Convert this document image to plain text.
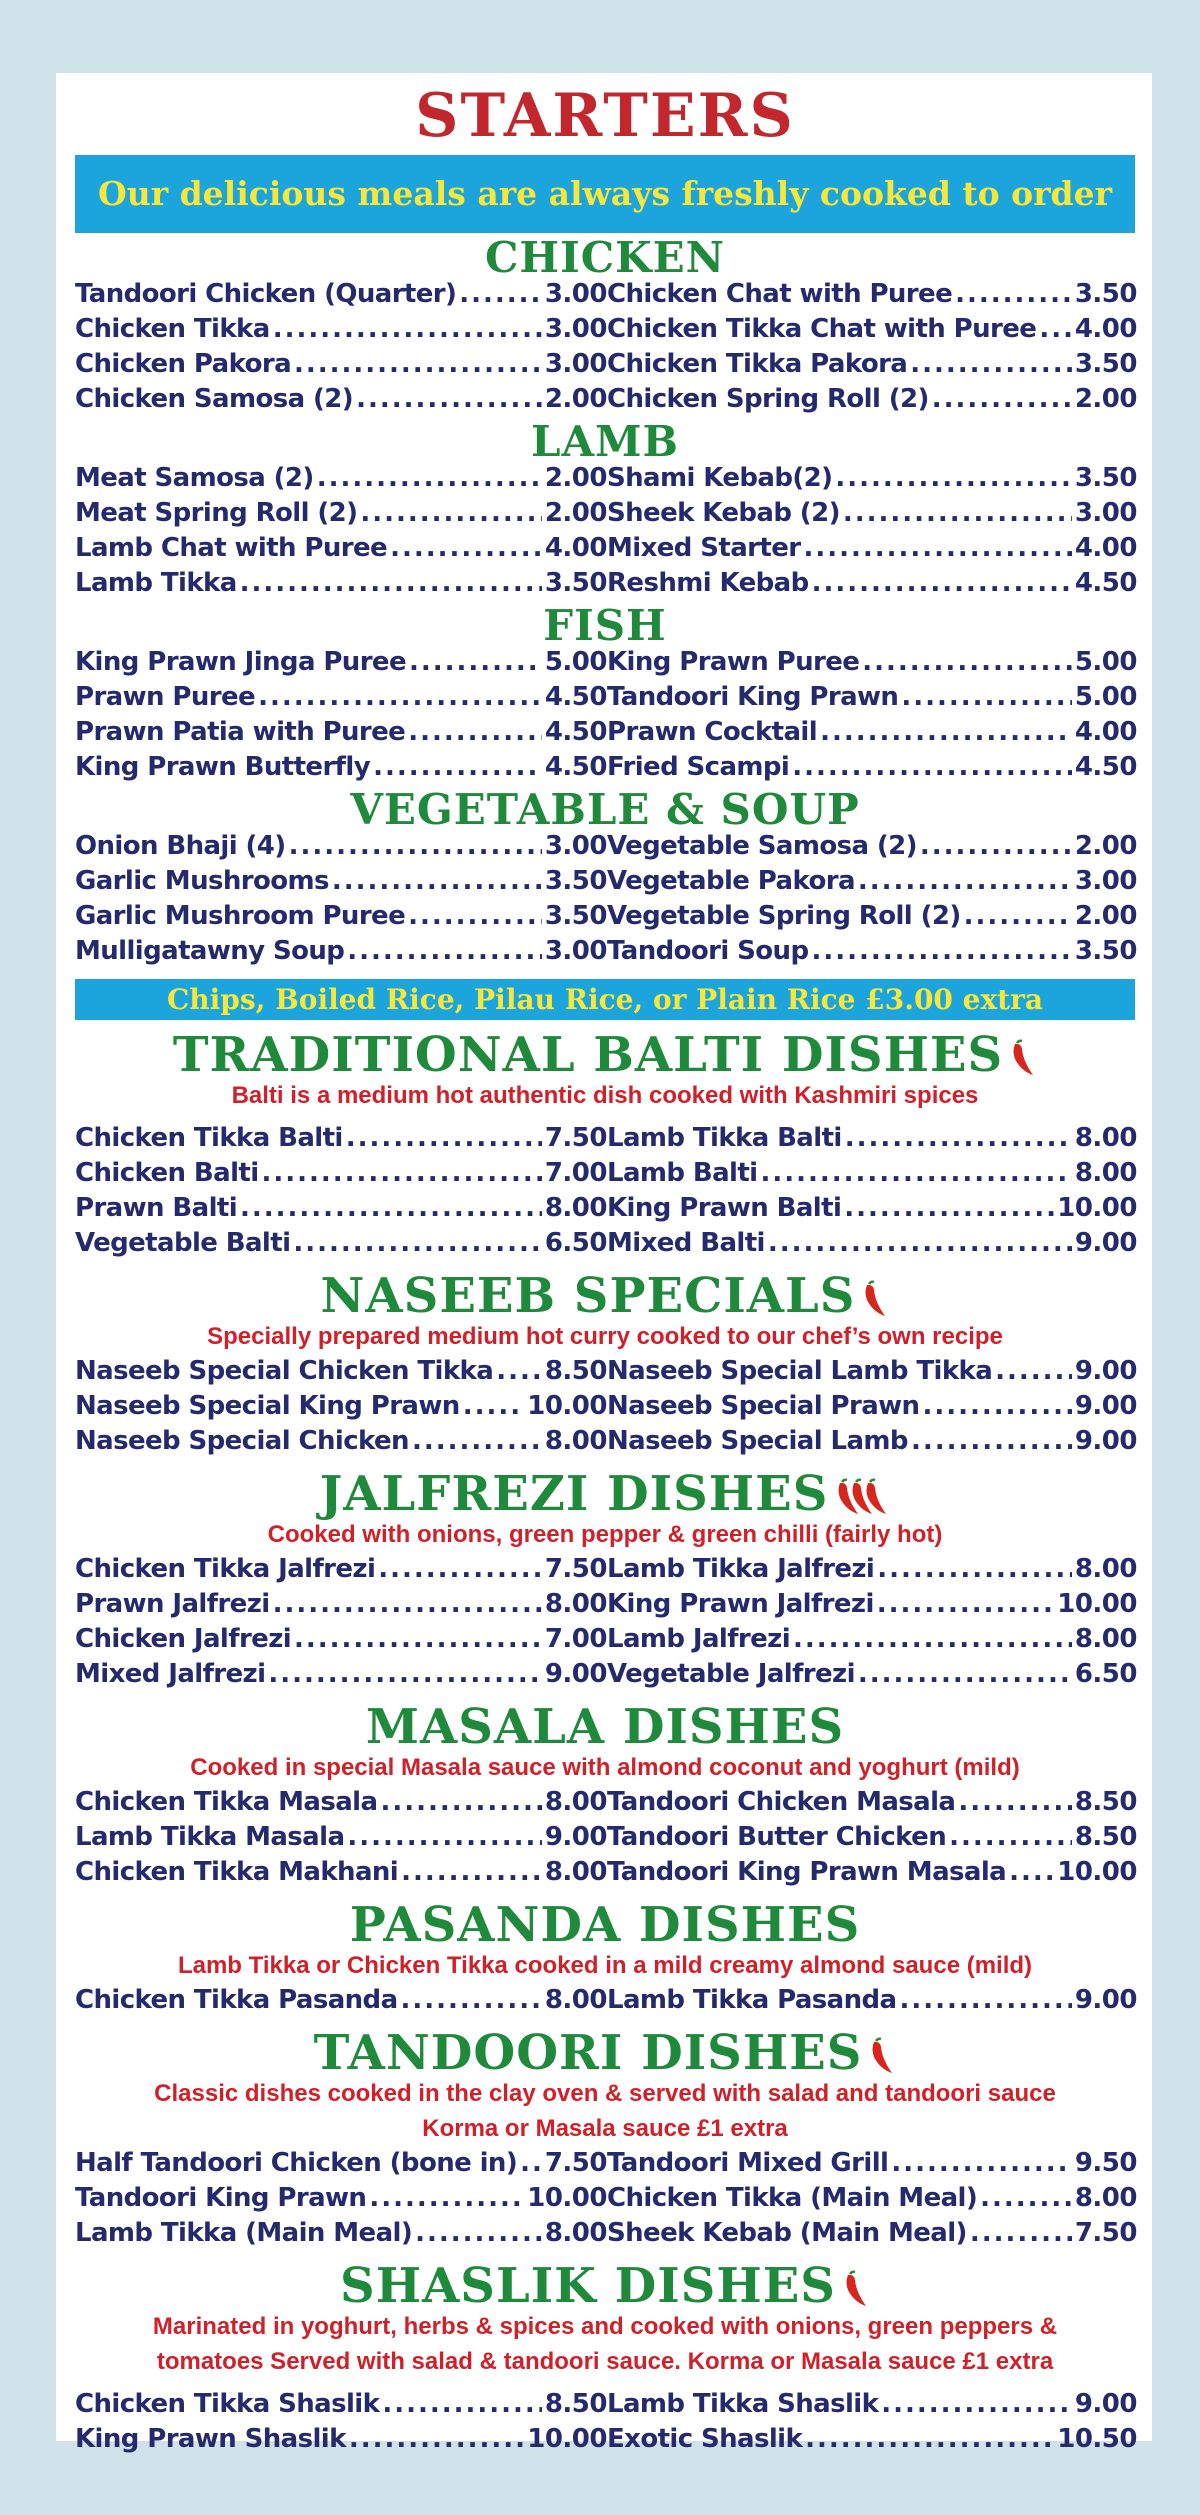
STARTERS
Our delicious meals are always freshly cooked to order
CHICKEN
Tandoori Chicken (Quarter) .....	3.00
Chicken Tikka .....	3.00
Chicken Pakora .....	3.00
Chicken Samosa (2) .....	2.00
Chicken Chat with Puree .....	3.50
Chicken Tikka Chat with Puree ..... 4.00
Chicken Tikka Pakora .....	3.50
Chicken Spring Roll (2) .....	2.00
LAMB
Meat Samosa (2) .....	2.00
Meat Spring Roll (2) .....	2.00
Lamb Chat with Puree .....	4.00
Lamb Tikka .....	3.50
Shami Kebab(2) .....	3.50
Sheek Kebab (2) .....	3.00
Mixed Starter .....	4.00
Reshmi Kebab .....	4.50
FISH
King Prawn Jinga Puree .....	5.00
Prawn Puree .....	4.50
Prawn Patia with Puree .....	4.50
King Prawn Butterfly .....	4.50
King Prawn Puree .....	5.00
Tandoori King Prawn .....	5.00
Prawn Cocktail .....	4.00
Fried Scampi .....	4.50
VEGETABLE & SOUP
Onion Bhaji (4) .....	3.00
Garlic Mushrooms .....	3.50
Garlic Mushroom Puree .....	3.50
Mulligatawny Soup .....	3.00
Vegetable Samosa (2) .....	2.00
Vegetable Pakora .....	3.00
Vegetable Spring Roll (2) .....	2.00
Tandoori Soup .....	3.50
Chips, Boiled Rice, Pilau Rice, or Plain Rice £3.00 extra
TRADITIONAL BALTI DISHES
Balti is a medium hot authentic dish cooked with Kashmiri spices
Chicken Tikka Balti .....	7.50
Chicken Balti .....	7.00
Prawn Balti .....	8.00
Vegetable Balti .....	6.50
Lamb Tikka Balti .....	8.00
Lamb Balti .....	8.00
King Prawn Balti .....	10.00
Mixed Balti .....	9.00
NASEEB SPECIALS
Specially prepared medium hot curry cooked to our chef’s own recipe
Naseeb Special Chicken Tikka ..... 8.50
Naseeb Special King Prawn .....	10.00
Naseeb Special Chicken .....	8.00
Naseeb Special Lamb Tikka .....	9.00
Naseeb Special Prawn .....	9.00
Naseeb Special Lamb .....	9.00
JALFREZI DISHES
Cooked with onions, green pepper & green chilli (fairly hot)
Chicken Tikka Jalfrezi .....	7.50
Prawn Jalfrezi .....	8.00
Chicken Jalfrezi .....	7.00
Mixed Jalfrezi .....	9.00
Lamb Tikka Jalfrezi .....	8.00
King Prawn Jalfrezi .....	10.00
Lamb Jalfrezi .....	8.00
Vegetable Jalfrezi .....	6.50
MASALA DISHES
Cooked in special Masala sauce with almond coconut and yoghurt (mild)
Chicken Tikka Masala .....	8.00
Lamb Tikka Masala .....	9.00
Chicken Tikka Makhani .....	8.00
Tandoori Chicken Masala .....	8.50
Tandoori Butter Chicken .....	8.50
Tandoori King Prawn Masala ..... 10.00
PASANDA DISHES
Lamb Tikka or Chicken Tikka cooked in a mild creamy almond sauce (mild)
Chicken Tikka Pasanda .....	8.00 Lamb Tikka Pasanda .....	9.00
TANDOORI DISHES
Classic dishes cooked in the clay oven & served with salad and tandoori sauce
Korma or Masala sauce £1 extra
Half Tandoori Chicken (bone in) ..... 7.50
Tandoori King Prawn .....	10.00
Lamb Tikka (Main Meal) .....	8.00
Tandoori Mixed Grill .....	9.50
Chicken Tikka (Main Meal) .....	8.00
Sheek Kebab (Main Meal) .....	7.50
SHASLIK DISHES
Marinated in yoghurt, herbs & spices and cooked with onions, green peppers &
tomatoes Served with salad & tandoori sauce. Korma or Masala sauce £1 extra
Chicken Tikka Shaslik .....	8.50
King Prawn Shaslik .....	10.00
Lamb Tikka Shaslik .....	9.00
Exotic Shaslik .....	10.50
